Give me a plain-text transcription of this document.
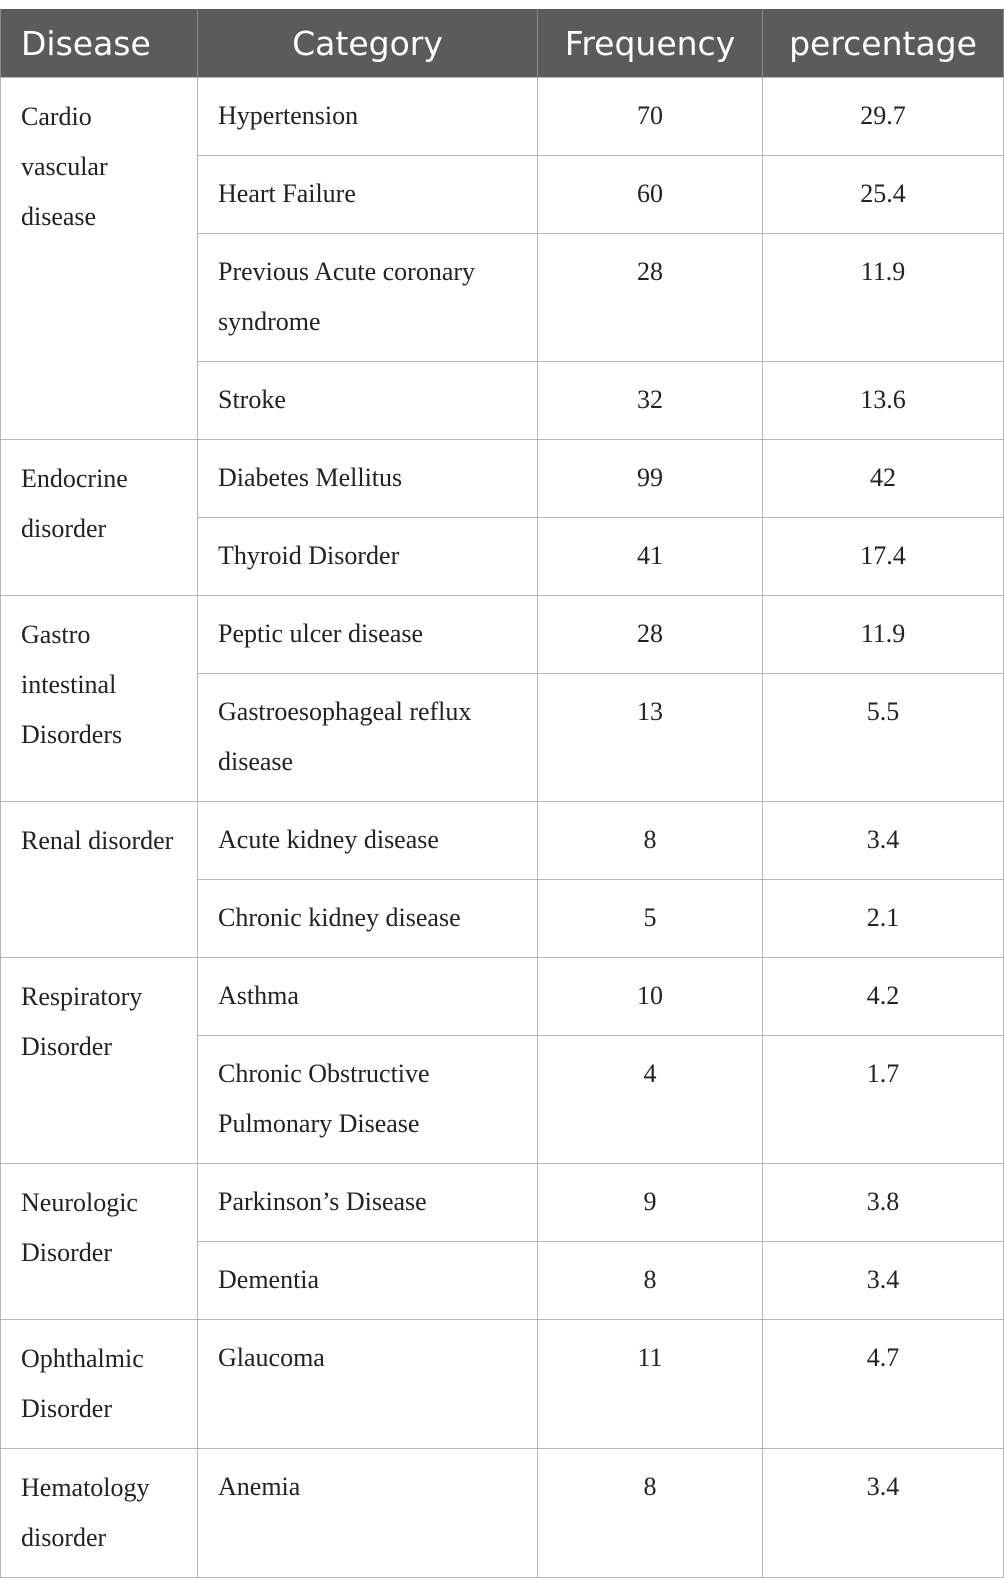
Disease	Category	Frequency	percentage
Cardio vascular disease	Hypertension	70	29.7
	Heart Failure	60	25.4
	Previous Acute coronary syndrome	28	11.9
	Stroke	32	13.6
Endocrine disorder	Diabetes Mellitus	99	42
	Thyroid Disorder	41	17.4
Gastro intestinal Disorders	Peptic ulcer disease	28	11.9
	Gastroesophageal reflux disease	13	5.5
Renal disorder	Acute kidney disease	8	3.4
	Chronic kidney disease	5	2.1
Respiratory Disorder	Asthma	10	4.2
	Chronic Obstructive Pulmonary Disease	4	1.7
Neurologic Disorder	Parkinson’s Disease	9	3.8
	Dementia	8	3.4
Ophthalmic Disorder	Glaucoma	11	4.7
Hematology disorder	Anemia	8	3.4
